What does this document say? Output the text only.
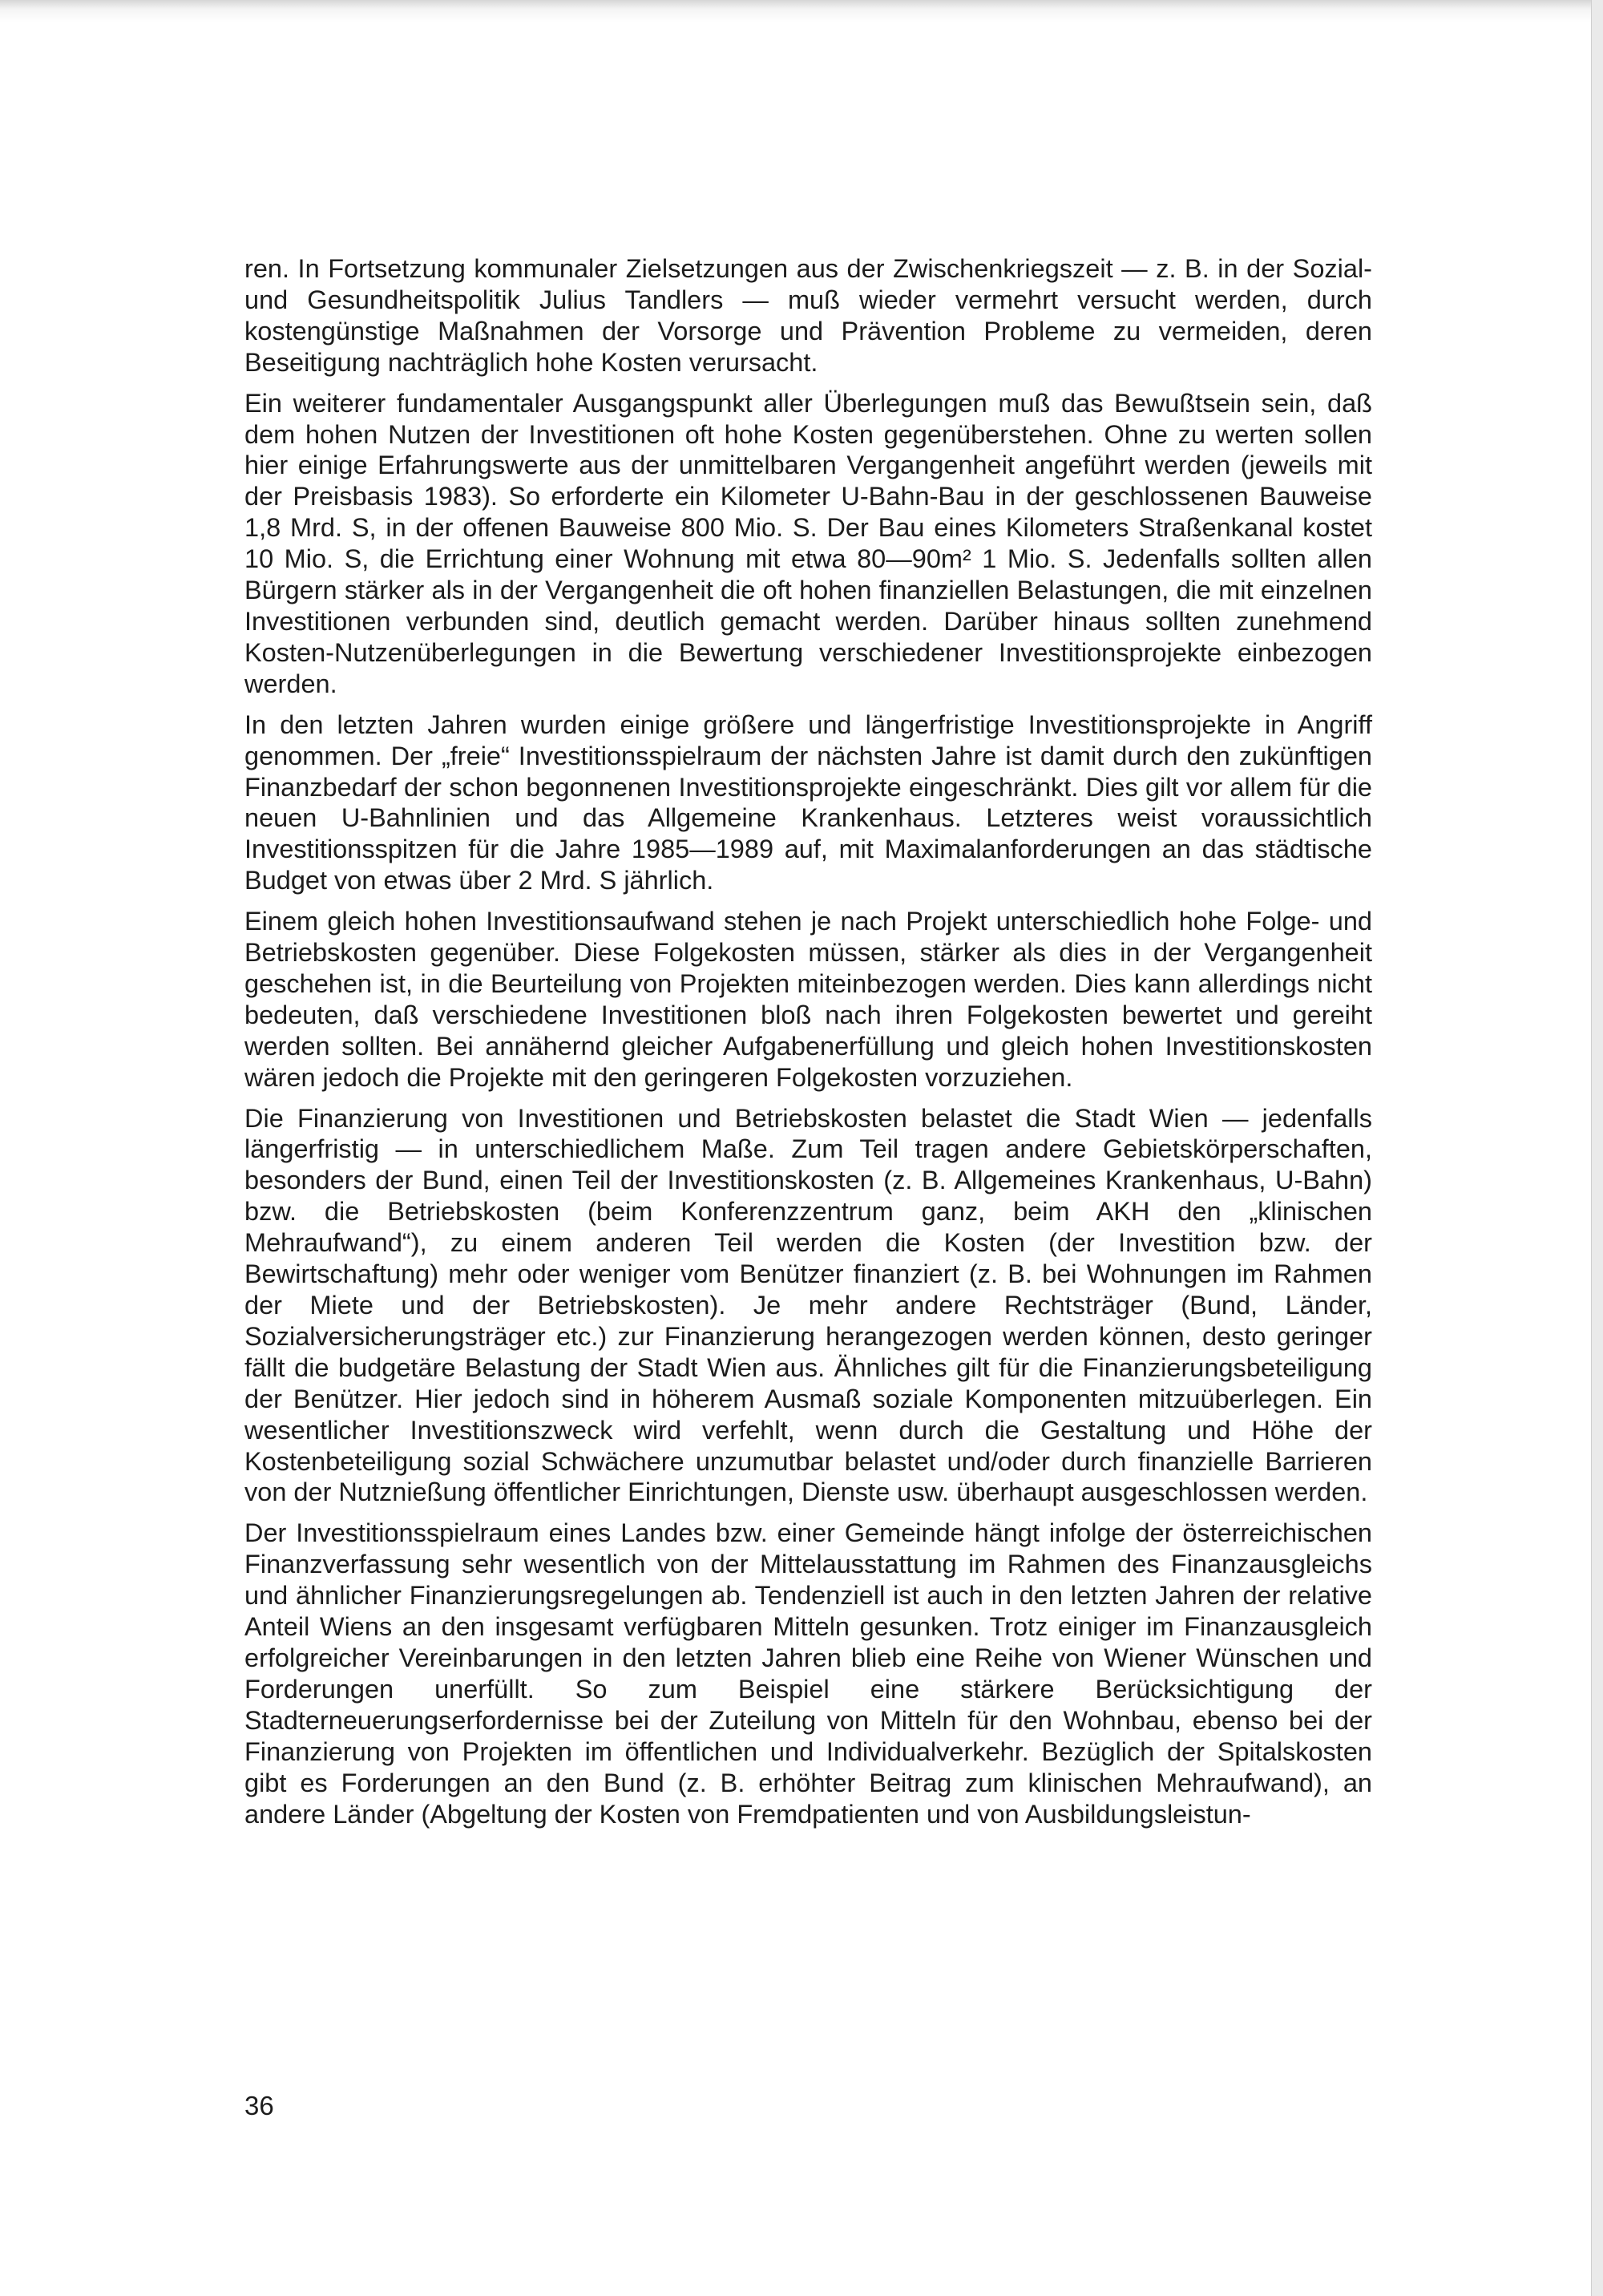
ren. In Fortsetzung kommunaler Zielsetzungen aus der Zwischenkriegszeit — z. B. in der Sozial- und Gesundheitspolitik Julius Tandlers — muß wieder vermehrt versucht werden, durch kostengünstige Maßnahmen der Vorsorge und Prävention Probleme zu vermeiden, deren Beseitigung nachträglich hohe Kosten verursacht.

Ein weiterer fundamentaler Ausgangspunkt aller Überlegungen muß das Bewußtsein sein, daß dem hohen Nutzen der Investitionen oft hohe Kosten gegenüberstehen. Ohne zu werten sollen hier einige Erfahrungswerte aus der unmittelbaren Vergangenheit angeführt werden (jeweils mit der Preisbasis 1983). So erforderte ein Kilometer U-Bahn-Bau in der geschlossenen Bauweise 1,8 Mrd. S, in der offenen Bauweise 800 Mio. S. Der Bau eines Kilometers Straßenkanal kostet 10 Mio. S, die Errichtung einer Wohnung mit etwa 80—90m² 1 Mio. S. Jedenfalls sollten allen Bürgern stärker als in der Vergangenheit die oft hohen finanziellen Belastungen, die mit einzelnen Investitionen verbunden sind, deutlich gemacht werden. Darüber hinaus sollten zunehmend Kosten-Nutzenüberlegungen in die Bewertung verschiedener Investitionsprojekte einbezogen werden.

In den letzten Jahren wurden einige größere und längerfristige Investitionsprojekte in Angriff genommen. Der „freie“ Investitionsspielraum der nächsten Jahre ist damit durch den zukünftigen Finanzbedarf der schon begonnenen Investitionsprojekte eingeschränkt. Dies gilt vor allem für die neuen U-Bahnlinien und das Allgemeine Krankenhaus. Letzteres weist voraussichtlich Investitionsspitzen für die Jahre 1985—1989 auf, mit Maximalanforderungen an das städtische Budget von etwas über 2 Mrd. S jährlich.

Einem gleich hohen Investitionsaufwand stehen je nach Projekt unterschiedlich hohe Folge- und Betriebskosten gegenüber. Diese Folgekosten müssen, stärker als dies in der Vergangenheit geschehen ist, in die Beurteilung von Projekten miteinbezogen werden. Dies kann allerdings nicht bedeuten, daß verschiedene Investitionen bloß nach ihren Folgekosten bewertet und gereiht werden sollten. Bei annähernd gleicher Aufgabenerfüllung und gleich hohen Investitionskosten wären jedoch die Projekte mit den geringeren Folgekosten vorzuziehen.

Die Finanzierung von Investitionen und Betriebskosten belastet die Stadt Wien — jedenfalls längerfristig — in unterschiedlichem Maße. Zum Teil tragen andere Gebietskörperschaften, besonders der Bund, einen Teil der Investitionskosten (z. B. Allgemeines Krankenhaus, U-Bahn) bzw. die Betriebskosten (beim Konferenzzentrum ganz, beim AKH den „klinischen Mehraufwand“), zu einem anderen Teil werden die Kosten (der Investition bzw. der Bewirtschaftung) mehr oder weniger vom Benützer finanziert (z. B. bei Wohnungen im Rahmen der Miete und der Betriebskosten). Je mehr andere Rechtsträger (Bund, Länder, Sozialversicherungsträger etc.) zur Finanzierung herangezogen werden können, desto geringer fällt die budgetäre Belastung der Stadt Wien aus. Ähnliches gilt für die Finanzierungsbeteiligung der Benützer. Hier jedoch sind in höherem Ausmaß soziale Komponenten mitzuüberlegen. Ein wesentlicher Investitionszweck wird verfehlt, wenn durch die Gestaltung und Höhe der Kostenbeteiligung sozial Schwächere unzumutbar belastet und/oder durch finanzielle Barrieren von der Nutznießung öffentlicher Einrichtungen, Dienste usw. überhaupt ausgeschlossen werden.

Der Investitionsspielraum eines Landes bzw. einer Gemeinde hängt infolge der österreichischen Finanzverfassung sehr wesentlich von der Mittelausstattung im Rahmen des Finanzausgleichs und ähnlicher Finanzierungsregelungen ab. Tendenziell ist auch in den letzten Jahren der relative Anteil Wiens an den insgesamt verfügbaren Mitteln gesunken. Trotz einiger im Finanzausgleich erfolgreicher Vereinbarungen in den letzten Jahren blieb eine Reihe von Wiener Wünschen und Forderungen unerfüllt. So zum Beispiel eine stärkere Berücksichtigung der Stadterneuerungserfordernisse bei der Zuteilung von Mitteln für den Wohnbau, ebenso bei der Finanzierung von Projekten im öffentlichen und Individualverkehr. Bezüglich der Spitalskosten gibt es Forderungen an den Bund (z. B. erhöhter Beitrag zum klinischen Mehraufwand), an andere Länder (Abgeltung der Kosten von Fremdpatienten und von Ausbildungsleistun-

36
